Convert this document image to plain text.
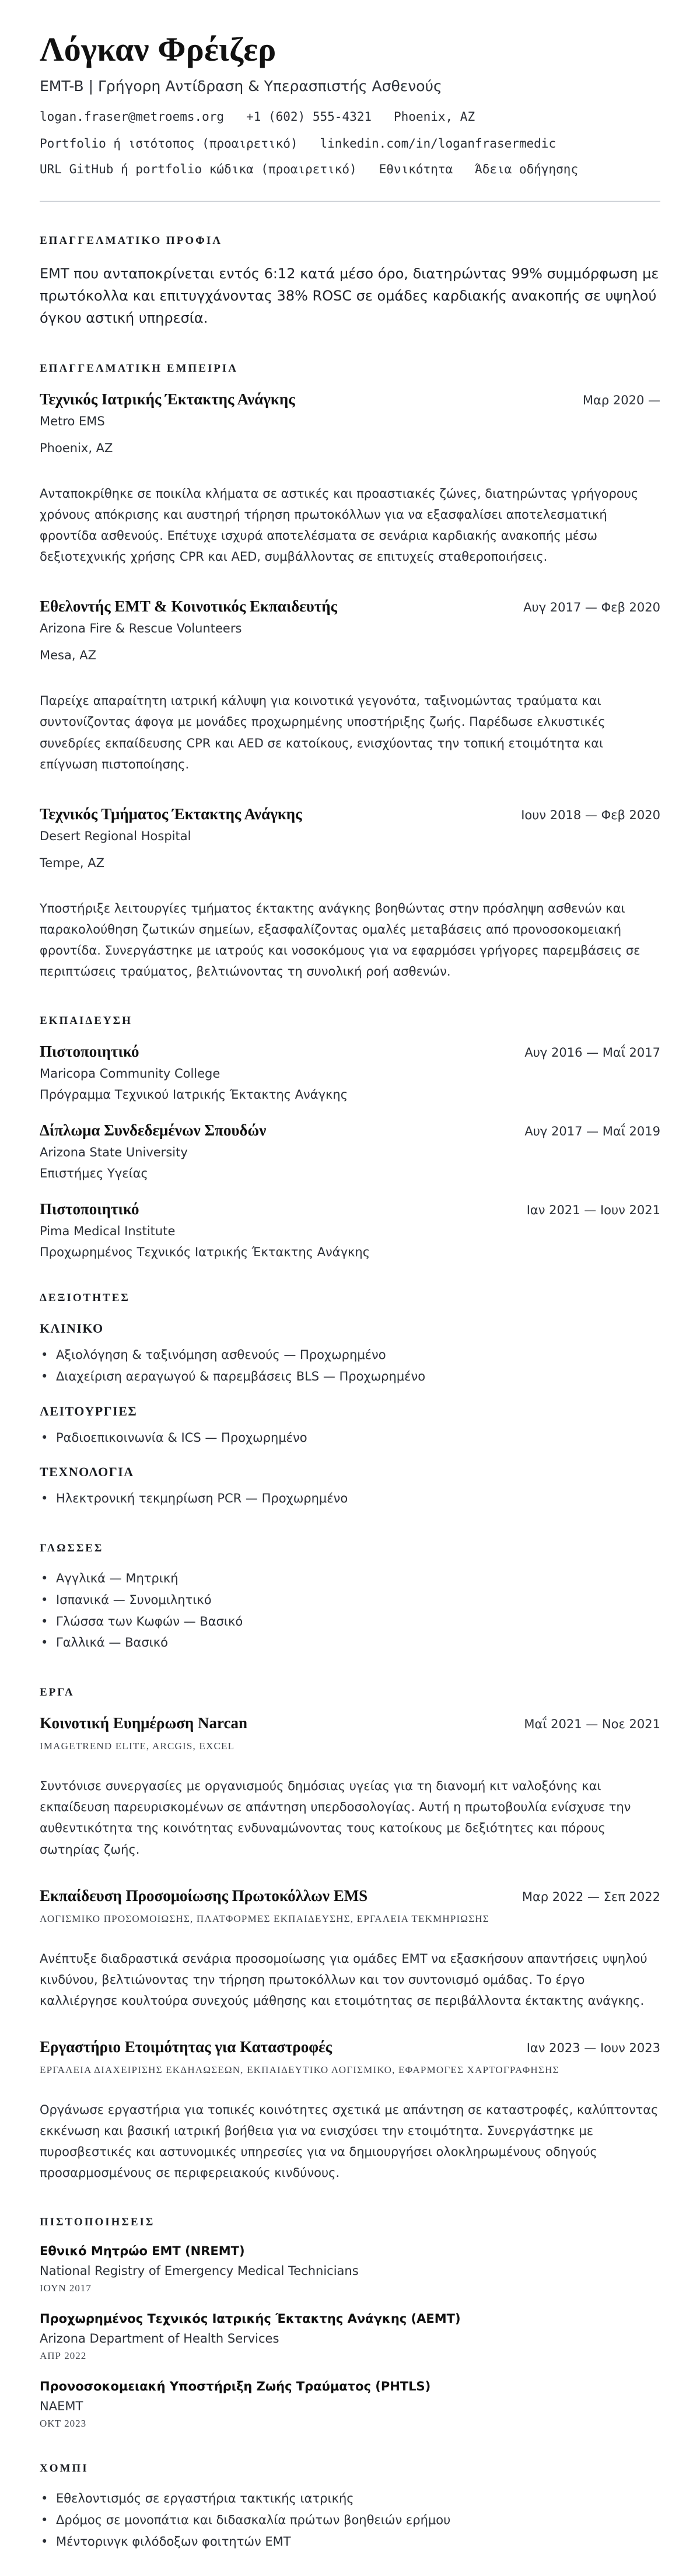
Λόγκαν Φρέιζερ
EMT-B | Γρήγορη Αντίδραση & Υπερασπιστής Ασθενούς
logan.fraser@metroems.org +1 (602) 555-4321 Phoenix, AZ
Portfolio ή ιστότοπος (προαιρετικό) linkedin.com/in/loganfrasermedic
URL GitHub ή portfolio κώδικα (προαιρετικό) Εθνικότητα Άδεια οδήγησης
ΕΠΑΓΓΕΛΜΑΤΙΚΟ ΠΡΟΦΙΛ

EMT που ανταποκρίνεται εντός 6:12 κατά μέσο όρο, διατηρώντας 99% συμμόρφωση με πρωτόκολλα και επιτυγχάνοντας 38% ROSC σε ομάδες καρδιακής ανακοπής σε υψηλού όγκου αστική υπηρεσία.

ΕΠΑΓΓΕΛΜΑΤΙΚΗ ΕΜΠΕΙΡΙΑ
Τεχνικός Ιατρικής Έκτακτης Ανάγκης	Μαρ 2020 —
Metro EMS
Phoenix, AZ

Ανταποκρίθηκε σε ποικίλα κλήματα σε αστικές και προαστιακές ζώνες, διατηρώντας γρήγορους χρόνους απόκρισης και αυστηρή τήρηση πρωτοκόλλων για να εξασφαλίσει αποτελεσματική φροντίδα ασθενούς. Επέτυχε ισχυρά αποτελέσματα σε σενάρια καρδιακής ανακοπής μέσω δεξιοτεχνικής χρήσης CPR και AED, συμβάλλοντας σε επιτυχείς σταθεροποιήσεις.

Εθελοντής EMT & Κοινοτικός Εκπαιδευτής	Αυγ 2017 — Φεβ 2020
Arizona Fire & Rescue Volunteers
Mesa, AZ

Παρείχε απαραίτητη ιατρική κάλυψη για κοινοτικά γεγονότα, ταξινομώντας τραύματα και συντονίζοντας άφογα με μονάδες προχωρημένης υποστήριξης ζωής. Παρέδωσε ελκυστικές συνεδρίες εκπαίδευσης CPR και AED σε κατοίκους, ενισχύοντας την τοπική ετοιμότητα και επίγνωση πιστοποίησης.

Τεχνικός Τμήματος Έκτακτης Ανάγκης	Ιουν 2018 — Φεβ 2020
Desert Regional Hospital
Tempe, AZ

Υποστήριξε λειτουργίες τμήματος έκτακτης ανάγκης βοηθώντας στην πρόσληψη ασθενών και παρακολούθηση ζωτικών σημείων, εξασφαλίζοντας ομαλές μεταβάσεις από προνοσοκομειακή φροντίδα. Συνεργάστηκε με ιατρούς και νοσοκόμους για να εφαρμόσει γρήγορες παρεμβάσεις σε περιπτώσεις τραύματος, βελτιώνοντας τη συνολική ροή ασθενών.

ΕΚΠΑΙΔΕΥΣΗ
Πιστοποιητικό	Αυγ 2016 — Μαΐ 2017
Maricopa Community College
Πρόγραμμα Τεχνικού Ιατρικής Έκτακτης Ανάγκης
Δίπλωμα Συνδεδεμένων Σπουδών	Αυγ 2017 — Μαΐ 2019
Arizona State University
Επιστήμες Υγείας
Πιστοποιητικό	Ιαν 2021 — Ιουν 2021
Pima Medical Institute
Προχωρημένος Τεχνικός Ιατρικής Έκτακτης Ανάγκης
ΔΕΞΙΟΤΗΤΕΣ
ΚΛΙΝΙΚΟ
• Αξιολόγηση & ταξινόμηση ασθενούς — Προχωρημένο
• Διαχείριση αεραγωγού & παρεμβάσεις BLS — Προχωρημένο
ΛΕΙΤΟΥΡΓΙΕΣ
• Ραδιοεπικοινωνία & ICS — Προχωρημένο
ΤΕΧΝΟΛΟΓΙΑ
• Ηλεκτρονική τεκμηρίωση PCR — Προχωρημένο
ΓΛΩΣΣΕΣ
• Αγγλικά — Μητρική
• Ισπανικά — Συνομιλητικό
• Γλώσσα των Κωφών — Βασικό
• Γαλλικά — Βασικό
ΕΡΓΑ
Κοινοτική Ευημέρωση Narcan	Μαΐ 2021 — Νοε 2021
IMAGETREND ELITE, ARCGIS, EXCEL

Συντόνισε συνεργασίες με οργανισμούς δημόσιας υγείας για τη διανομή κιτ ναλοξόνης και εκπαίδευση παρευρισκομένων σε απάντηση υπερδοσολογίας. Αυτή η πρωτοβουλία ενίσχυσε την αυθεντικότητα της κοινότητας ενδυναμώνοντας τους κατοίκους με δεξιότητες και πόρους σωτηρίας ζωής.

Εκπαίδευση Προσομοίωσης Πρωτοκόλλων EMS	Μαρ 2022 — Σεπ 2022
ΛΟΓΙΣΜΙΚΟ ΠΡΟΣΟΜΟΙΩΣΗΣ, ΠΛΑΤΦΟΡΜΕΣ ΕΚΠΑΙΔΕΥΣΗΣ, ΕΡΓΑΛΕΙΑ ΤΕΚΜΗΡΙΩΣΗΣ

Ανέπτυξε διαδραστικά σενάρια προσομοίωσης για ομάδες EMT να εξασκήσουν απαντήσεις υψηλού κινδύνου, βελτιώνοντας την τήρηση πρωτοκόλλων και τον συντονισμό ομάδας. Το έργο καλλιέργησε κουλτούρα συνεχούς μάθησης και ετοιμότητας σε περιβάλλοντα έκτακτης ανάγκης.

Εργαστήριο Ετοιμότητας για Καταστροφές	Ιαν 2023 — Ιουν 2023
ΕΡΓΑΛΕΙΑ ΔΙΑΧΕΙΡΙΣΗΣ ΕΚΔΗΛΩΣΕΩΝ, ΕΚΠΑΙΔΕΥΤΙΚΟ ΛΟΓΙΣΜΙΚΟ, ΕΦΑΡΜΟΓΕΣ ΧΑΡΤΟΓΡΑΦΗΣΗΣ

Οργάνωσε εργαστήρια για τοπικές κοινότητες σχετικά με απάντηση σε καταστροφές, καλύπτοντας εκκένωση και βασική ιατρική βοήθεια για να ενισχύσει την ετοιμότητα. Συνεργάστηκε με πυροσβεστικές και αστυνομικές υπηρεσίες για να δημιουργήσει ολοκληρωμένους οδηγούς προσαρμοσμένους σε περιφερειακούς κινδύνους.

ΠΙΣΤΟΠΟΙΗΣΕΙΣ
Εθνικό Μητρώο EMT (NREMT)
National Registry of Emergency Medical Technicians
ΙΟΥΝ 2017
Προχωρημένος Τεχνικός Ιατρικής Έκτακτης Ανάγκης (AEMT)
Arizona Department of Health Services
ΑΠΡ 2022
Προνοσοκομειακή Υποστήριξη Ζωής Τραύματος (PHTLS)
NAEMT
ΟΚΤ 2023
ΧΟΜΠΙ
• Εθελοντισμός σε εργαστήρια τακτικής ιατρικής
• Δρόμος σε μονοπάτια και διδασκαλία πρώτων βοηθειών ερήμου
• Μέντορινγκ φιλόδοξων φοιτητών EMT
